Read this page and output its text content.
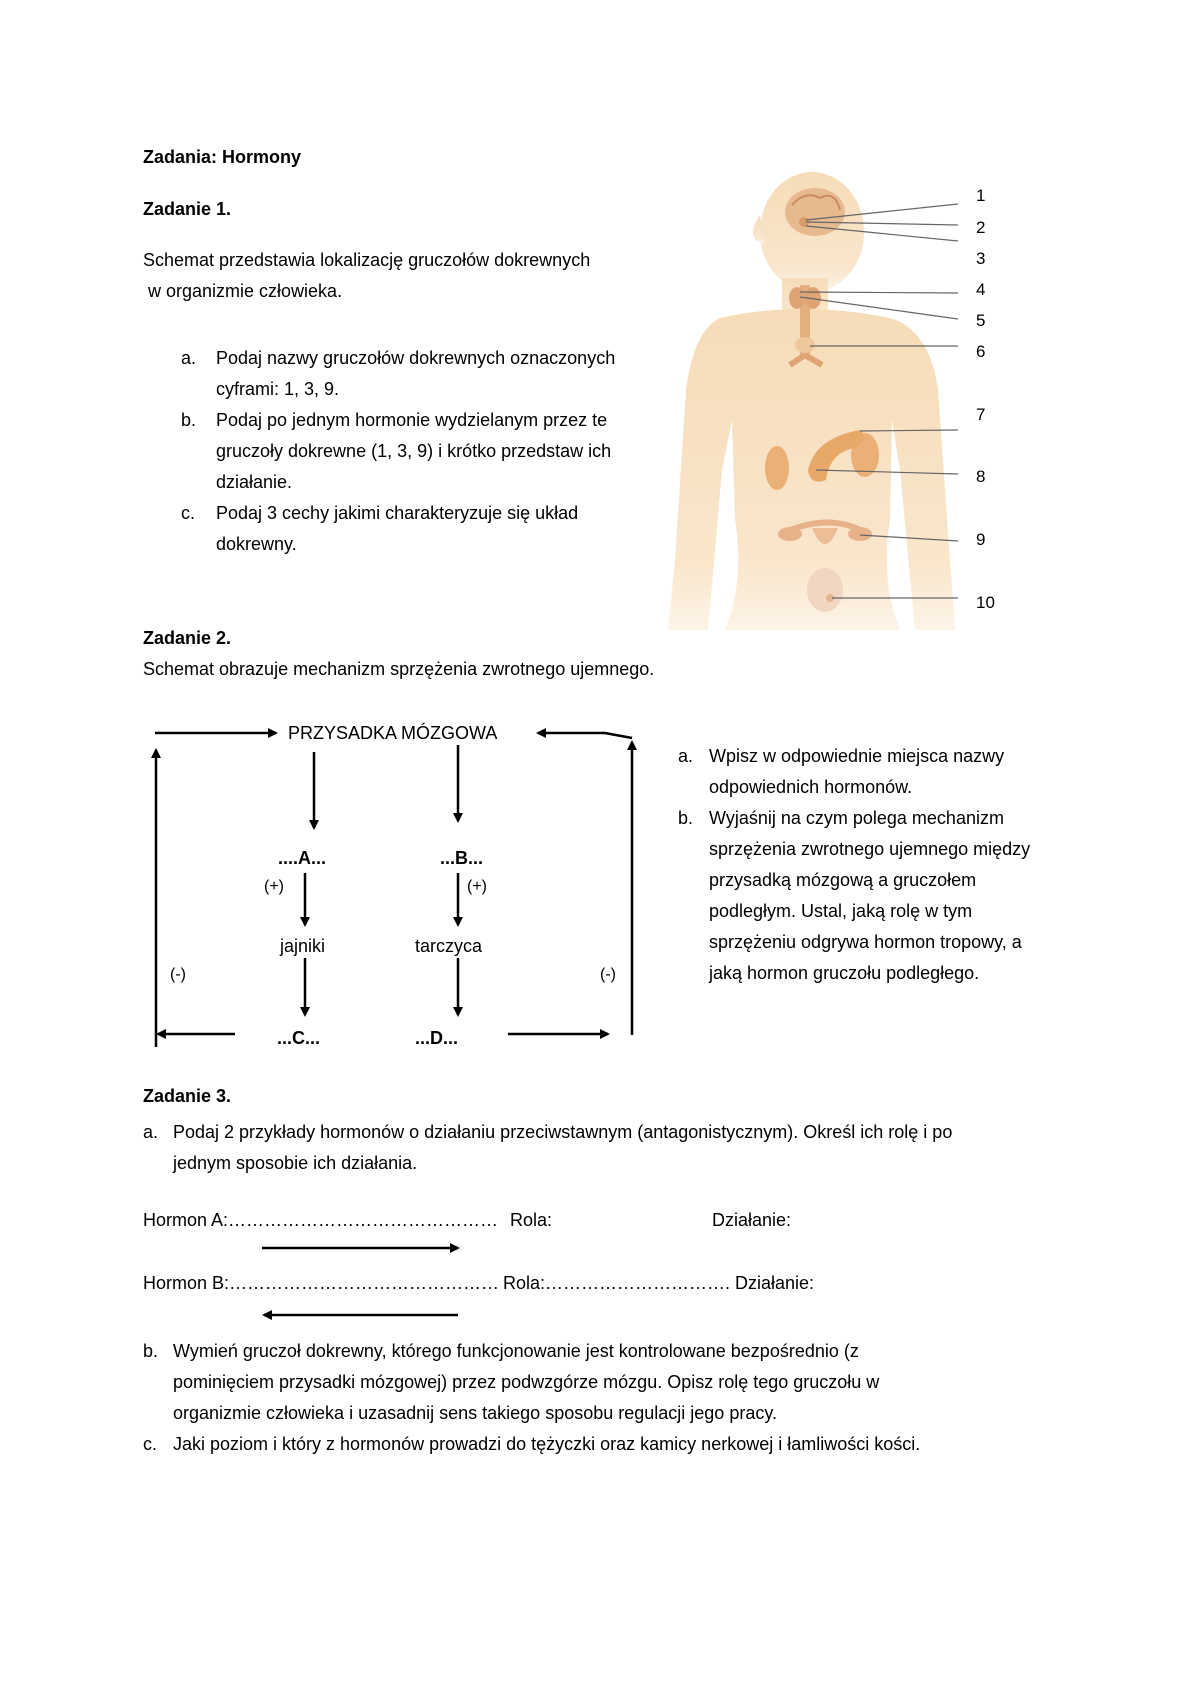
Zadania: Hormony
Zadanie 1.
Schemat przedstawia lokalizację gruczołów dokrewnych
w organizmie człowieka.
a. Podaj nazwy gruczołów dokrewnych oznaczonych
cyframi: 1, 3, 9.
b. Podaj po jednym hormonie wydzielanym przez te
gruczoły dokrewne (1, 3, 9) i krótko przedstaw ich
działanie.
c. Podaj 3 cechy jakimi charakteryzuje się układ
dokrewny.
1
2
3
4
5
6
7
8
9
10
Zadanie 2.
Schemat obrazuje mechanizm sprzężenia zwrotnego ujemnego.
PRZYSADKA MÓZGOWA
....A...	...B...
(+)	(+)
jajniki	tarczyca
(-)	(-)
...C...	...D...
a. Wpisz w odpowiednie miejsca nazwy
odpowiednich hormonów.
b. Wyjaśnij na czym polega mechanizm
sprzężenia zwrotnego ujemnego między
przysadką mózgową a gruczołem
podległym. Ustal, jaką rolę w tym
sprzężeniu odgrywa hormon tropowy, a
jaką hormon gruczołu podległego.
Zadanie 3.
a. Podaj 2 przykłady hormonów o działaniu przeciwstawnym (antagonistycznym). Określ ich rolę i po
jednym sposobie ich działania.
Hormon A:……………………………………… Rola:	Działanie:
Hormon B:……………………………………… Rola:…………………………. Działanie:
b. Wymień gruczoł dokrewny, którego funkcjonowanie jest kontrolowane bezpośrednio (z
pominięciem przysadki mózgowej) przez podwzgórze mózgu. Opisz rolę tego gruczołu w
organizmie człowieka i uzasadnij sens takiego sposobu regulacji jego pracy.
c. Jaki poziom i który z hormonów prowadzi do tężyczki oraz kamicy nerkowej i łamliwości kości.
